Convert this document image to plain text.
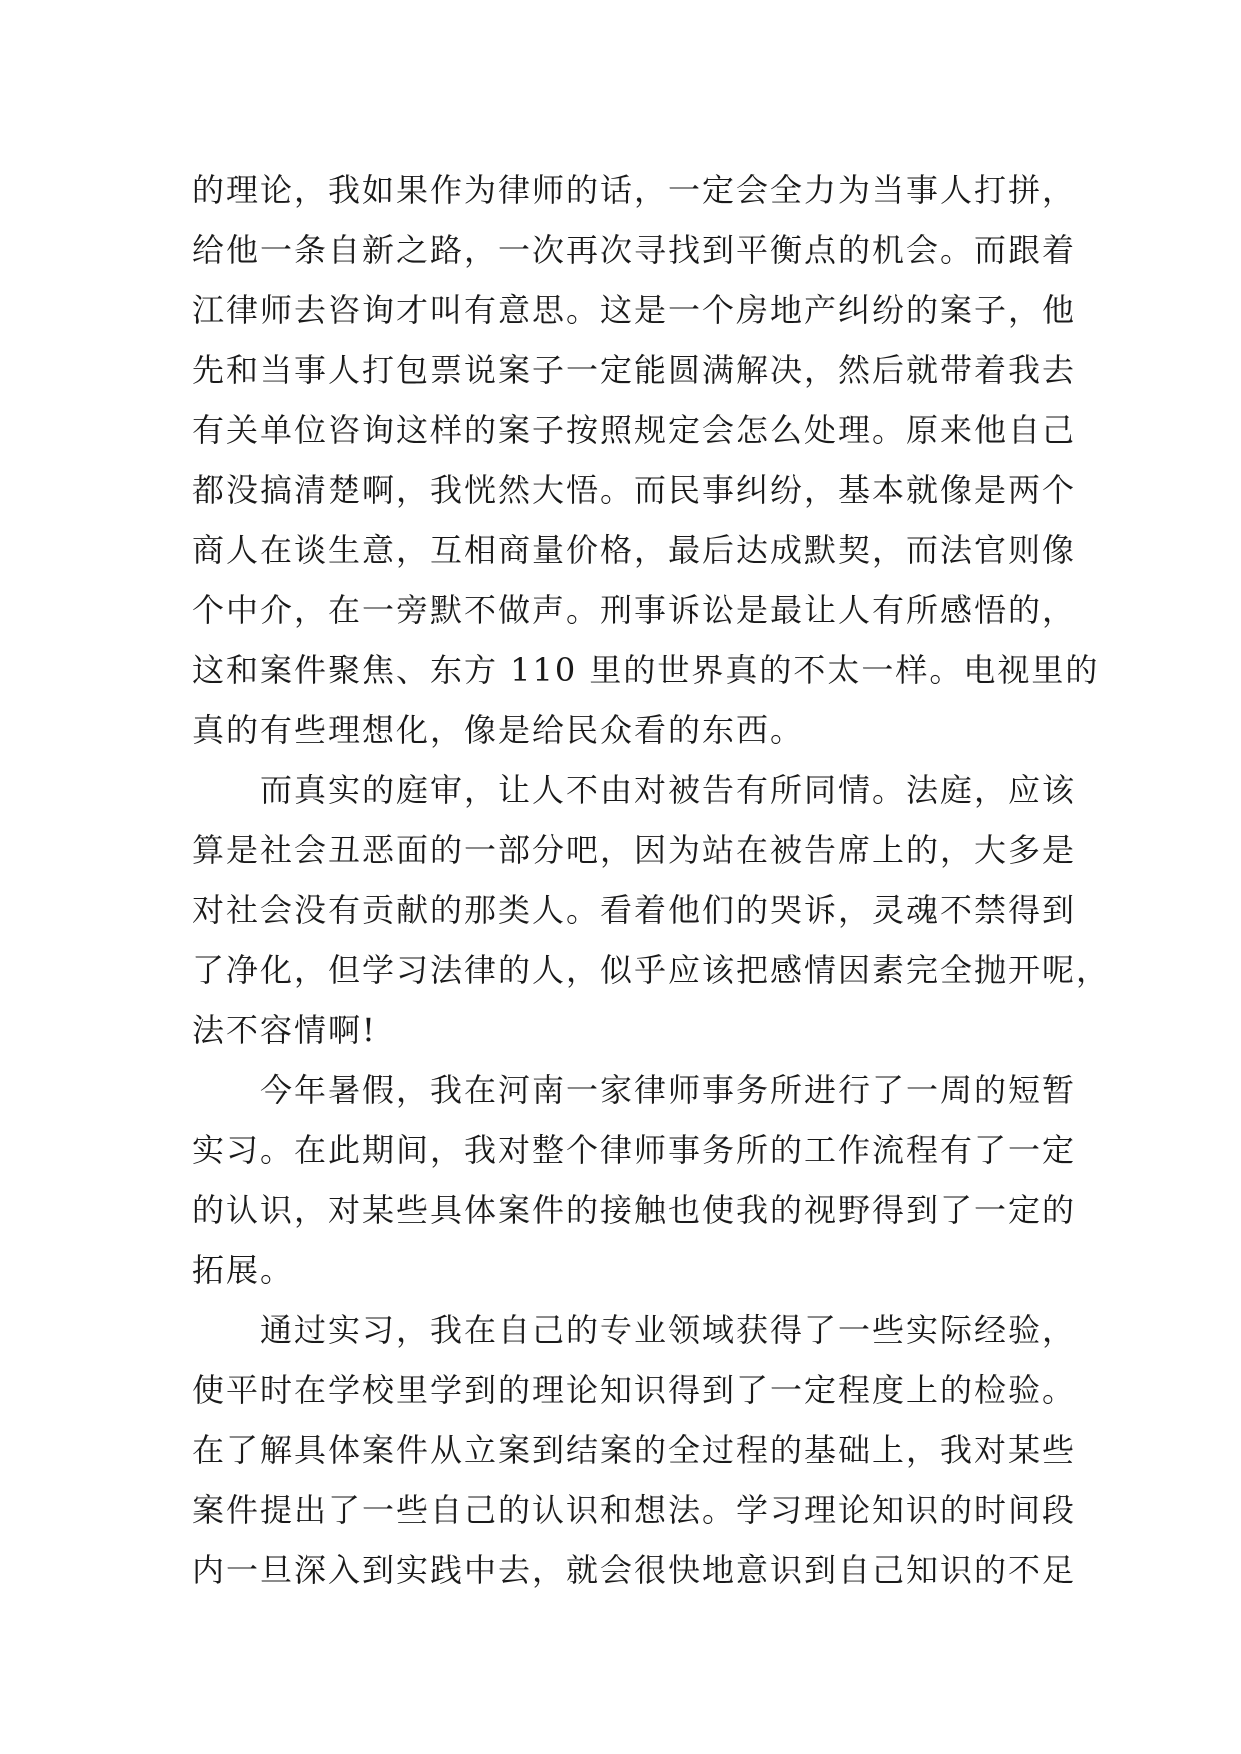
的理论，我如果作为律师的话，一定会全力为当事人打拼，
给他一条自新之路，一次再次寻找到平衡点的机会。而跟着
江律师去咨询才叫有意思。这是一个房地产纠纷的案子，他
先和当事人打包票说案子一定能圆满解决，然后就带着我去
有关单位咨询这样的案子按照规定会怎么处理。原来他自己
都没搞清楚啊，我恍然大悟。而民事纠纷，基本就像是两个
商人在谈生意，互相商量价格，最后达成默契，而法官则像
个中介，在一旁默不做声。刑事诉讼是最让人有所感悟的，
这和案件聚焦、东方 110 里的世界真的不太一样。电视里的
真的有些理想化，像是给民众看的东西。
　　而真实的庭审，让人不由对被告有所同情。法庭，应该
算是社会丑恶面的一部分吧，因为站在被告席上的，大多是
对社会没有贡献的那类人。看着他们的哭诉，灵魂不禁得到
了净化，但学习法律的人，似乎应该把感情因素完全抛开呢，
法不容情啊!
　　今年暑假，我在河南一家律师事务所进行了一周的短暂
实习。在此期间，我对整个律师事务所的工作流程有了一定
的认识，对某些具体案件的接触也使我的视野得到了一定的
拓展。
　　通过实习，我在自己的专业领域获得了一些实际经验，
使平时在学校里学到的理论知识得到了一定程度上的检验。
在了解具体案件从立案到结案的全过程的基础上，我对某些
案件提出了一些自己的认识和想法。学习理论知识的时间段
内一旦深入到实践中去，就会很快地意识到自己知识的不足
